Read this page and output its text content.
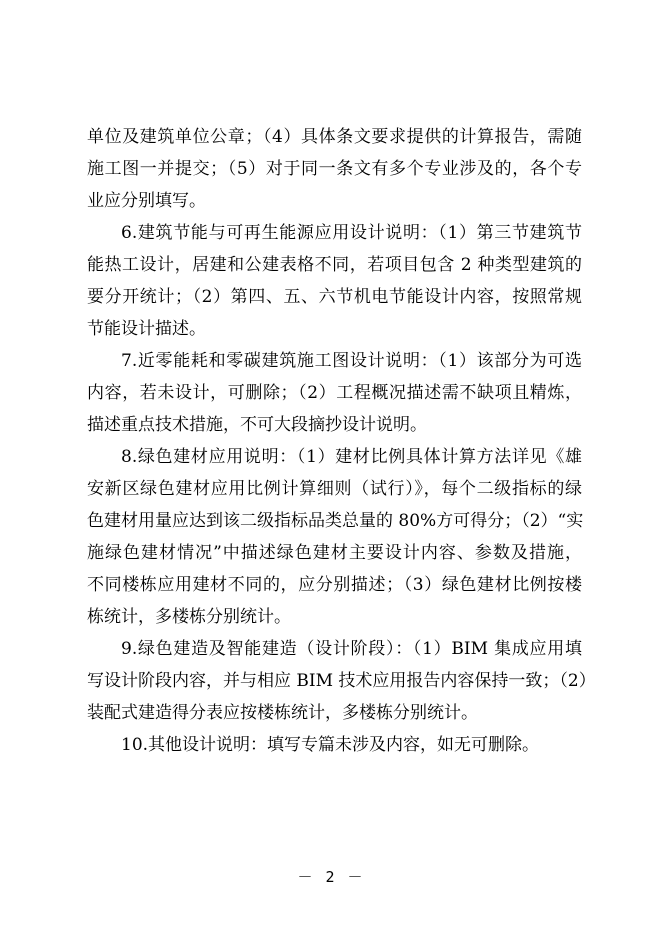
单位及建筑单位公章；（4）具体条文要求提供的计算报告，需随
施工图一并提交；（5）对于同一条文有多个专业涉及的，各个专
业应分别填写。
6.建筑节能与可再生能源应用设计说明：（1）第三节建筑节
能热工设计，居建和公建表格不同，若项目包含 2 种类型建筑的
要分开统计；（2）第四、五、六节机电节能设计内容，按照常规
节能设计描述。
7.近零能耗和零碳建筑施工图设计说明：（1）该部分为可选
内容，若未设计，可删除；（2）工程概况描述需不缺项且精炼，
描述重点技术措施，不可大段摘抄设计说明。
8.绿色建材应用说明：（1）建材比例具体计算方法详见《雄
安新区绿色建材应用比例计算细则（试行）》，每个二级指标的绿
色建材用量应达到该二级指标品类总量的 80%方可得分；（2）“实
施绿色建材情况”中描述绿色建材主要设计内容、参数及措施，
不同楼栋应用建材不同的，应分别描述；（3）绿色建材比例按楼
栋统计，多楼栋分别统计。
9.绿色建造及智能建造（设计阶段）：（1）BIM 集成应用填
写设计阶段内容，并与相应 BIM 技术应用报告内容保持一致；（2）
装配式建造得分表应按楼栋统计，多楼栋分别统计。
10.其他设计说明：填写专篇未涉及内容，如无可删除。
－ 2 －
